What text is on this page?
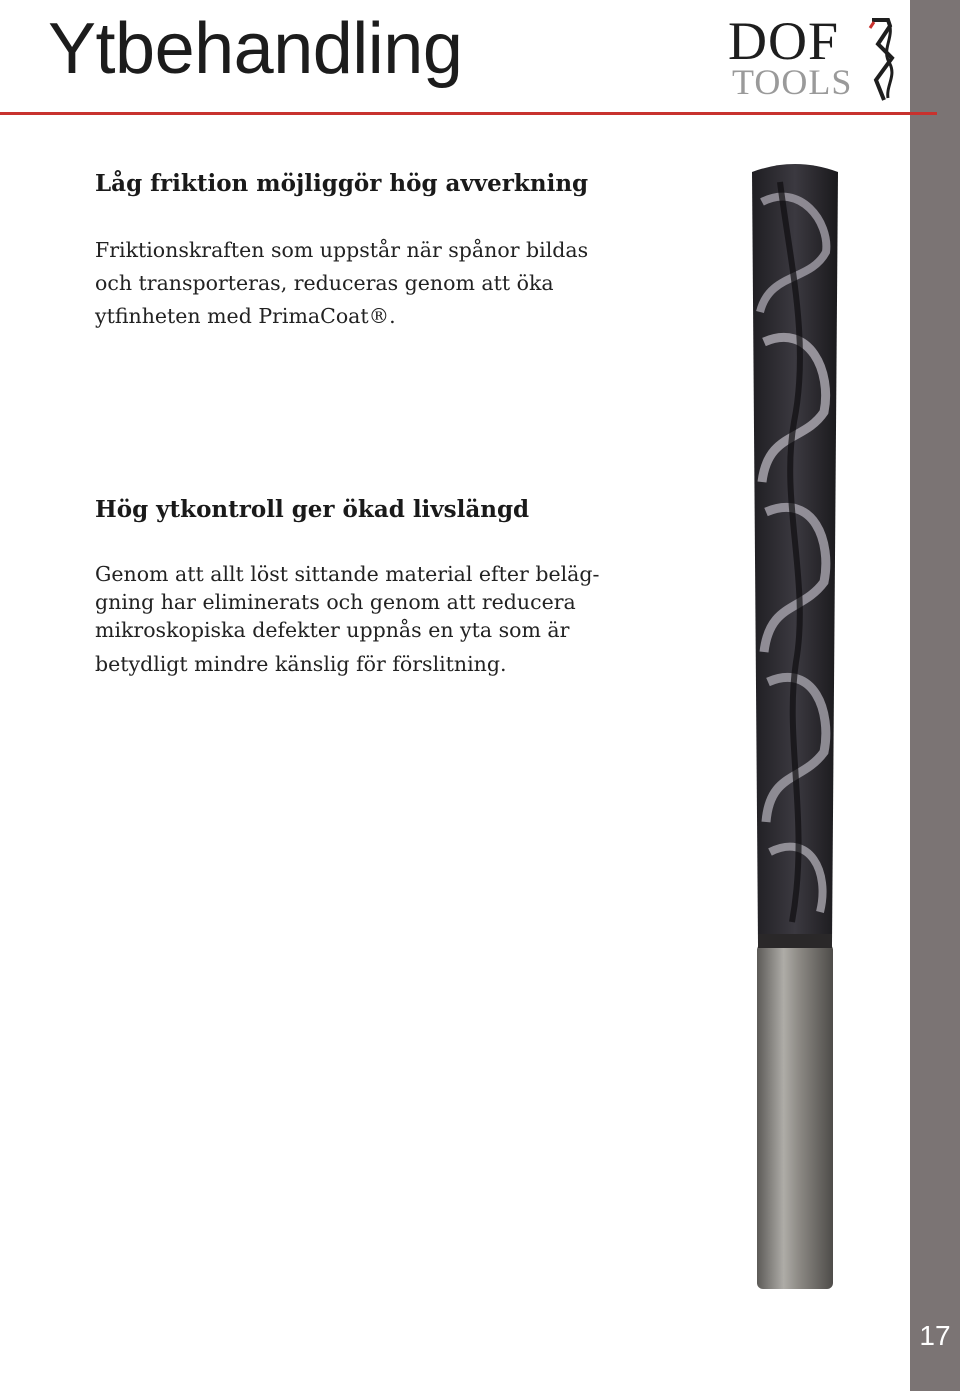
17
Ytbehandling	DOF
TOOLS
Låg friktion möjliggör hög avverkning
Friktionskraften som uppstår när spånor bildas
och transporteras, reduceras genom att öka
ytfinheten med PrimaCoat®.
Hög ytkontroll ger ökad livslängd
Genom att allt löst sittande material efter beläg-
gning har eliminerats och genom att reducera
mikroskopiska defekter uppnås en yta som är
betydligt mindre känslig för förslitning.
